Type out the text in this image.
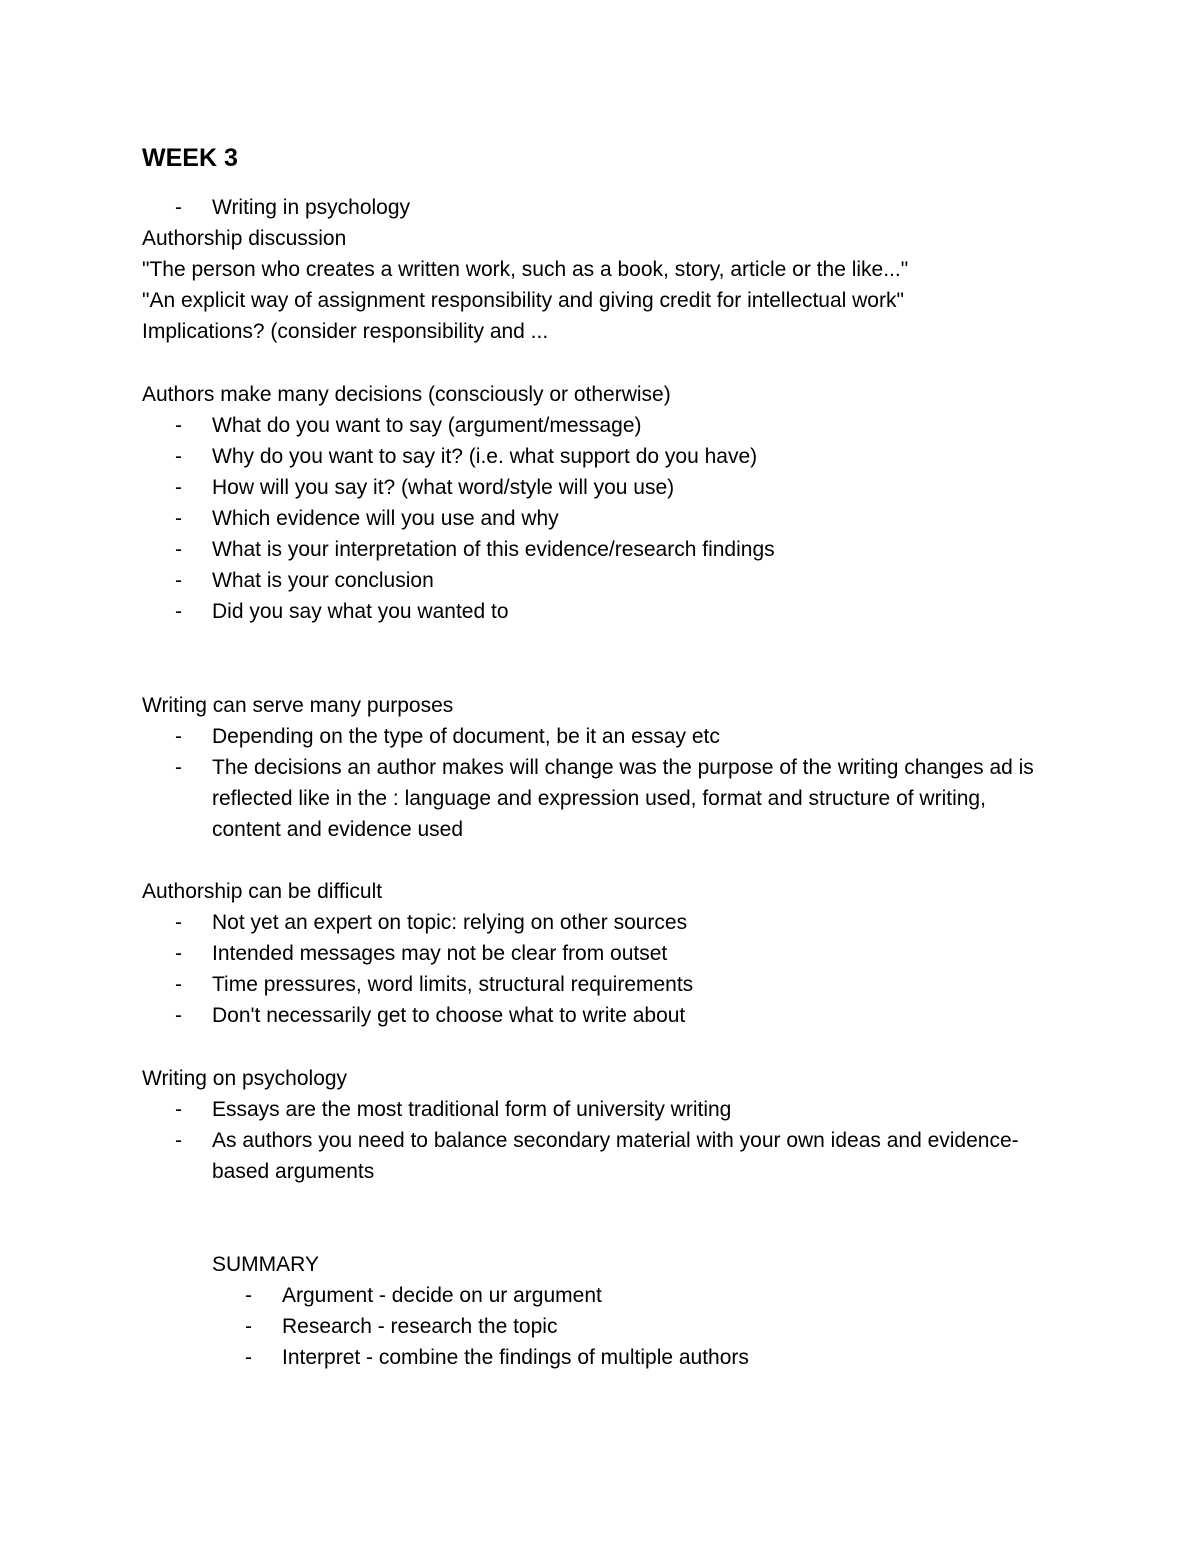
WEEK 3
- Writing in psychology
Authorship discussion
"The person who creates a written work, such as a book, story, article or the like..."
"An explicit way of assignment responsibility and giving credit for intellectual work"
Implications? (consider responsibility and ...
Authors make many decisions (consciously or otherwise)
- What do you want to say (argument/message)
- Why do you want to say it? (i.e. what support do you have)
- How will you say it? (what word/style will you use)
- Which evidence will you use and why
- What is your interpretation of this evidence/research findings
- What is your conclusion
- Did you say what you wanted to
Writing can serve many purposes
- Depending on the type of document, be it an essay etc
- The decisions an author makes will change was the purpose of the writing changes ad is reflected like in the : language and expression used, format and structure of writing, content and evidence used
Authorship can be difficult
- Not yet an expert on topic: relying on other sources
- Intended messages may not be clear from outset
- Time pressures, word limits, structural requirements
- Don't necessarily get to choose what to write about
Writing on psychology
- Essays are the most traditional form of university writing
- As authors you need to balance secondary material with your own ideas and evidence-based arguments
SUMMARY
- Argument - decide on ur argument
- Research - research the topic
- Interpret - combine the findings of multiple authors
